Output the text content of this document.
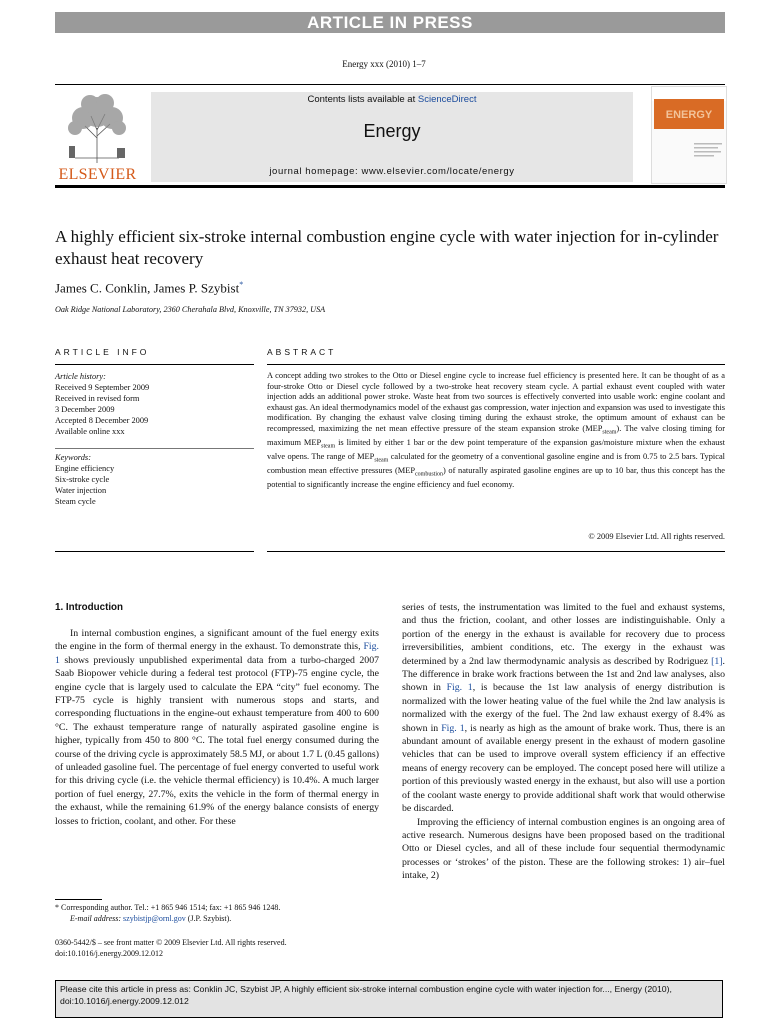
ARTICLE IN PRESS
Energy xxx (2010) 1–7
ELSEVIER
Contents lists available at ScienceDirect
Energy
journal homepage: www.elsevier.com/locate/energy
ENERGY
A highly efficient six-stroke internal combustion engine cycle with water injection for in-cylinder exhaust heat recovery
James C. Conklin, James P. Szybist*
Oak Ridge National Laboratory, 2360 Cherahala Blvd, Knoxville, TN 37932, USA
ARTICLE INFO	ABSTRACT
Article history:
Received 9 September 2009
Received in revised form
3 December 2009
Accepted 8 December 2009
Available online xxx
Keywords:
Engine efficiency
Six-stroke cycle
Water injection
Steam cycle
A concept adding two strokes to the Otto or Diesel engine cycle to increase fuel efficiency is presented here. It can be thought of as a four-stroke Otto or Diesel cycle followed by a two-stroke heat recovery steam cycle. A partial exhaust event coupled with water injection adds an additional power stroke. Waste heat from two sources is effectively converted into usable work: engine coolant and exhaust gas. An ideal thermodynamics model of the exhaust gas compression, water injection and expansion was used to investigate this modification. By changing the exhaust valve closing timing during the exhaust stroke, the optimum amount of exhaust can be recompressed, maximizing the net mean effective pressure of the steam expansion stroke $(MEP_{steam})$. The valve closing timing for maximum $MEP_{steam}$ is limited by either 1 bar or the dew point temperature of the expansion gas/moisture mixture when the exhaust valve opens. The range of $MEP_{steam}$ calculated for the geometry of a conventional gasoline engine and is from 0.75 to 2.5 bars. Typical combustion mean effective pressures $(MEP_{combustion})$ of naturally aspirated gasoline engines are up to 10 bar, thus this concept has the potential to significantly increase the engine efficiency and fuel economy.
© 2009 Elsevier Ltd. All rights reserved.
1. Introduction

In internal combustion engines, a significant amount of the fuel energy exits the engine in the form of thermal energy in the exhaust. To demonstrate this, Fig. 1 shows previously unpublished experimental data from a turbo-charged 2007 Saab Biopower vehicle during a federal test protocol (FTP)-75 engine cycle, the engine cycle that is largely used to calculate the EPA “city” fuel economy. The FTP-75 cycle is highly transient with numerous stops and starts, and corresponding fluctuations in the engine-out exhaust temperature from 400 to 600 °C. The exhaust temperature range of naturally aspirated gasoline engine is higher, typically from 450 to 800 °C. The total fuel energy consumed during the course of the driving cycle is approximately 58.5 MJ, or about 1.7 L (0.45 gallons) of unleaded gasoline fuel. The percentage of fuel energy converted to useful work for this driving cycle (i.e. the vehicle thermal efficiency) is 10.4%. A much larger portion of fuel energy, 27.7%, exits the vehicle in the form of thermal energy in the exhaust, while the remaining 61.9% of the energy balance consists of energy losses to friction, coolant, and other. For these

series of tests, the instrumentation was limited to the fuel and exhaust systems, and thus the friction, coolant, and other losses are indistinguishable. Only a portion of the energy in the exhaust is available for recovery due to process irreversibilities, ambient conditions, etc. The exergy in the exhaust was determined by a 2nd law thermodynamic analysis as described by Rodriguez [1]. The difference in brake work fractions between the 1st and 2nd law analyses, also shown in Fig. 1, is because the 1st law analysis of energy distribution is normalized with the lower heating value of the fuel while the 2nd law analysis is normalized with the exergy of the fuel. The 2nd law exhaust exergy of 8.4% as shown in Fig. 1, is nearly as high as the amount of brake work. Thus, there is an abundant amount of available energy present in the exhaust of modern gasoline vehicles that can be used to improve overall system efficiency if an effective means of energy recovery can be employed. The concept posed here will utilize a portion of this previously wasted energy in the exhaust, but also will use a portion of the coolant waste energy to provide additional shaft work that would otherwise be discarded.

Improving the efficiency of internal combustion engines is an ongoing area of active research. Numerous designs have been proposed based on the traditional Otto or Diesel cycles, and all of these include four sequential thermodynamic processes or ‘strokes’ of the piston. These are the following strokes: 1) air–fuel intake, 2)

* Corresponding author. Tel.: +1 865 946 1514; fax: +1 865 946 1248.
E-mail address: szybistjp@ornl.gov (J.P. Szybist).
0360-5442/$ – see front matter © 2009 Elsevier Ltd. All rights reserved.
doi:10.1016/j.energy.2009.12.012
Please cite this article in press as: Conklin JC, Szybist JP, A highly efficient six-stroke internal combustion engine cycle with water injection for..., Energy (2010), doi:10.1016/j.energy.2009.12.012
